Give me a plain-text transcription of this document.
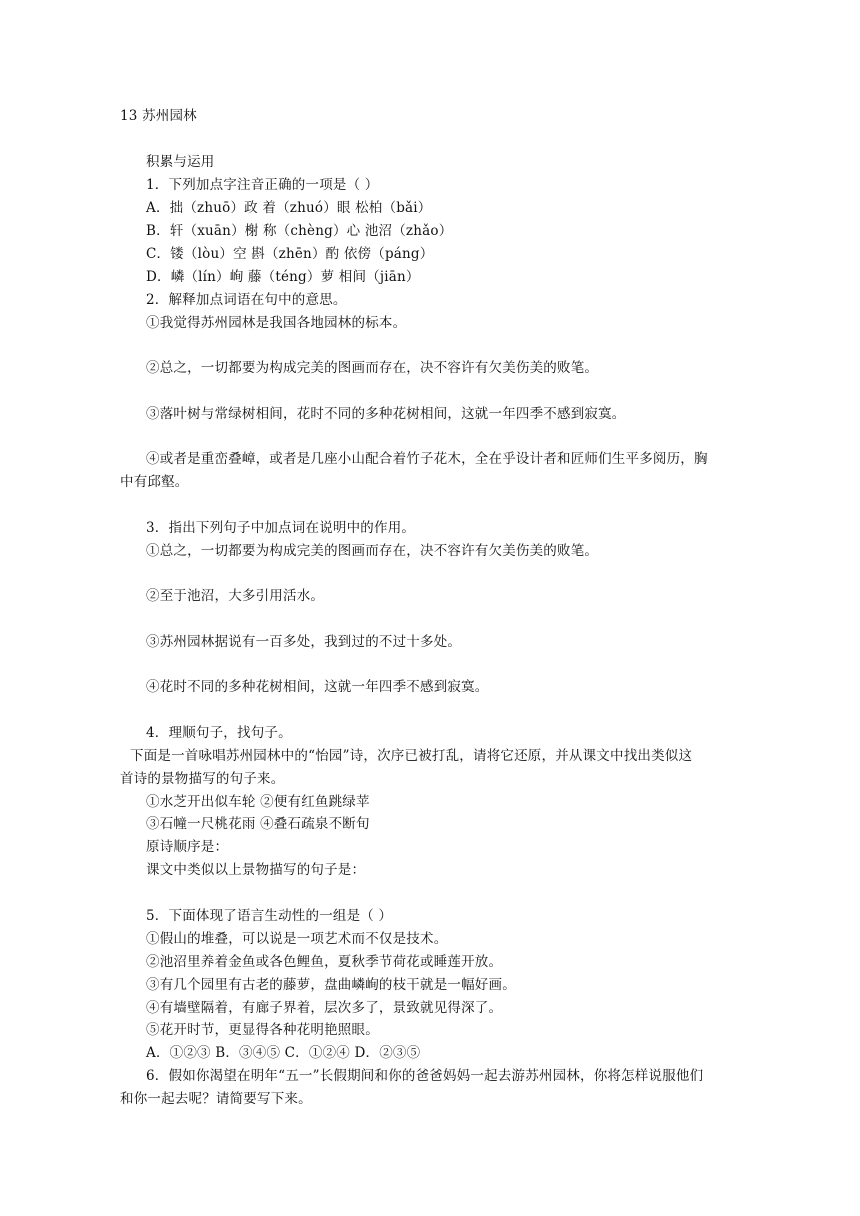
13 苏州园林
积累与运用
1．下列加点字注音正确的一项是（ ）
A．拙（zhuō）政 着（zhuó）眼 松柏（bǎi）
B．轩（xuān）榭 称（chèng）心 池沼（zhǎo）
C．镂（lòu）空 斟（zhēn）酌 依傍（páng）
D．嶙（lín）峋 藤（téng）萝 相间（jiān）
2．解释加点词语在句中的意思。
①我觉得苏州园林是我国各地园林的标本。
②总之，一切都要为构成完美的图画而存在，决不容许有欠美伤美的败笔。
③落叶树与常绿树相间，花时不同的多种花树相间，这就一年四季不感到寂寞。
④或者是重峦叠嶂，或者是几座小山配合着竹子花木，全在乎设计者和匠师们生平多阅历，胸
中有邱壑。
3．指出下列句子中加点词在说明中的作用。
①总之，一切都要为构成完美的图画而存在，决不容许有欠美伤美的败笔。
②至于池沼，大多引用活水。
③苏州园林据说有一百多处，我到过的不过十多处。
④花时不同的多种花树相间，这就一年四季不感到寂寞。
4．理顺句子，找句子。
下面是一首咏唱苏州园林中的“怡园”诗，次序已被打乱，请将它还原，并从课文中找出类似这
首诗的景物描写的句子来。
①水芝开出似车轮 ②便有红鱼跳绿苹
③石幢一尺桃花雨 ④叠石疏泉不断旬
原诗顺序是：
课文中类似以上景物描写的句子是：
5．下面体现了语言生动性的一组是（ ）
①假山的堆叠，可以说是一项艺术而不仅是技术。
②池沼里养着金鱼或各色鲤鱼，夏秋季节荷花或睡莲开放。
③有几个园里有古老的藤萝，盘曲嶙峋的枝干就是一幅好画。
④有墙壁隔着，有廊子界着，层次多了，景致就见得深了。
⑤花开时节，更显得各种花明艳照眼。
A．①②③ B．③④⑤ C．①②④ D．②③⑤
6．假如你渴望在明年“五一”长假期间和你的爸爸妈妈一起去游苏州园林，你将怎样说服他们
和你一起去呢？请简要写下来。
